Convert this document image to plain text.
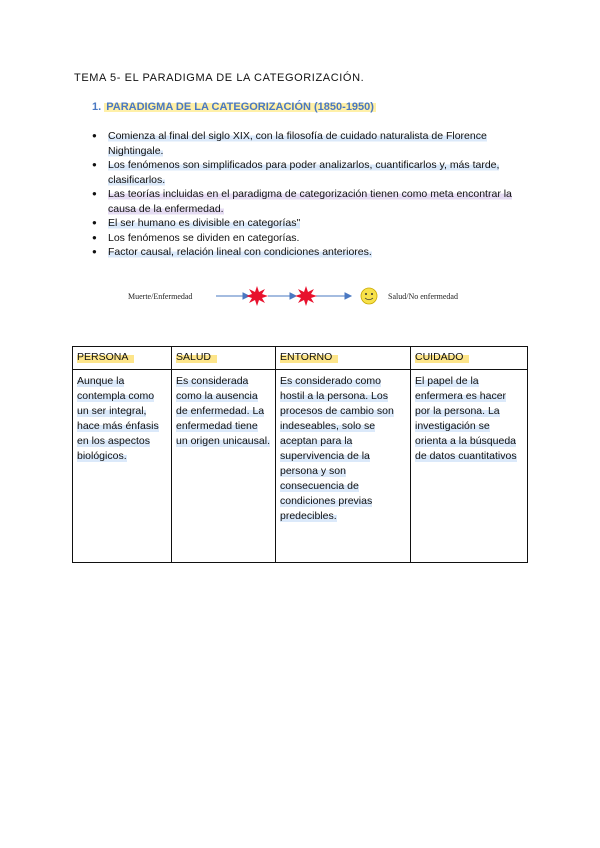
TEMA 5- EL PARADIGMA DE LA CATEGORIZACIÓN.
1. PARADIGMA DE LA CATEGORIZACIÓN (1850-1950)
● Comienza al final del siglo XIX, con la filosofía de cuidado naturalista de Florence Nightingale.
● Los fenómenos son simplificados para poder analizarlos, cuantificarlos y, más tarde, clasificarlos.
● Las teorías incluidas en el paradigma de categorización tienen como meta encontrar la causa de la enfermedad.
● El ser humano es divisible en categorías"
● Los fenómenos se dividen en categorías.
● Factor causal, relación lineal con condiciones anteriores.
Muerte/Enfermedad	Salud/No enfermedad
PERSONA	SALUD	ENTORNO	CUIDADO
Aunque la contempla como un ser integral, hace más énfasis en los aspectos biológicos.	Es considerada como la ausencia de enfermedad. La enfermedad tiene un origen unicausal.	Es considerado como hostil a la persona. Los procesos de cambio son indeseables, solo se aceptan para la supervivencia de la persona y son consecuencia de condiciones previas predecibles.	El papel de la enfermera es hacer por la persona. La investigación se orienta a la búsqueda de datos cuantitativos
